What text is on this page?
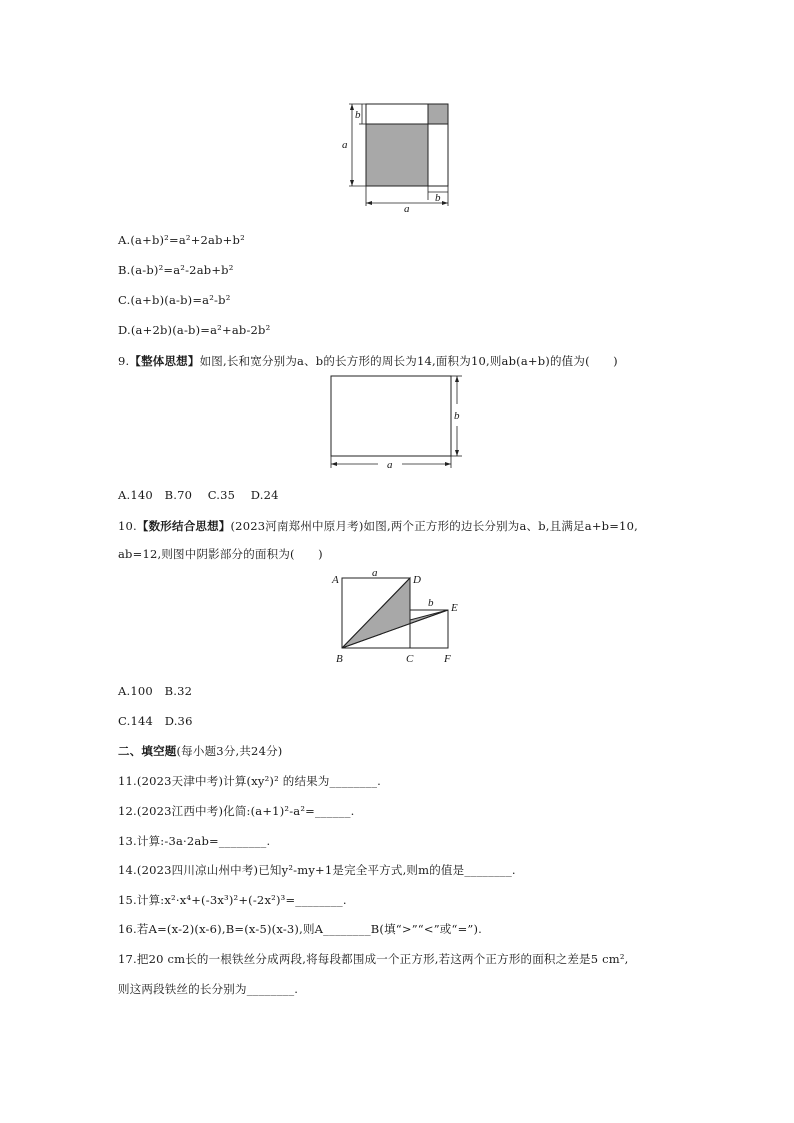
a
b
b
a
A.(a+b)²=a²+2ab+b²
B.(a-b)²=a²-2ab+b²
C.(a+b)(a-b)=a²-b²
D.(a+2b)(a-b)=a²+ab-2b²
9.【整体思想】如图,长和宽分别为a、b的长方形的周长为14,面积为10,则ab(a+b)的值为(　　)
b
a
A.140　B.70　 C.35　 D.24
10.【数形结合思想】(2023河南郑州中原月考)如图,两个正方形的边长分别为a、b,且满足a+b=10,
ab=12,则图中阴影部分的面积为(　　)
A	D
E
B	C	F
a
b
A.100　B.32
C.144　D.36
二、填空题(每小题3分,共24分)
11.(2023天津中考)计算(xy²)² 的结果为________.
12.(2023江西中考)化简:(a+1)²-a²=______.
13.计算:-3a·2ab=________.
14.(2023四川凉山州中考)已知y²-my+1是完全平方式,则m的值是________.
15.计算:x²·x⁴+(-3x³)²+(-2x²)³=________.
16.若A=(x-2)(x-6),B=(x-5)(x-3),则A________B(填“>”“<”或“=”).
17.把20 cm长的一根铁丝分成两段,将每段都围成一个正方形,若这两个正方形的面积之差是5 cm²,
则这两段铁丝的长分别为________.
